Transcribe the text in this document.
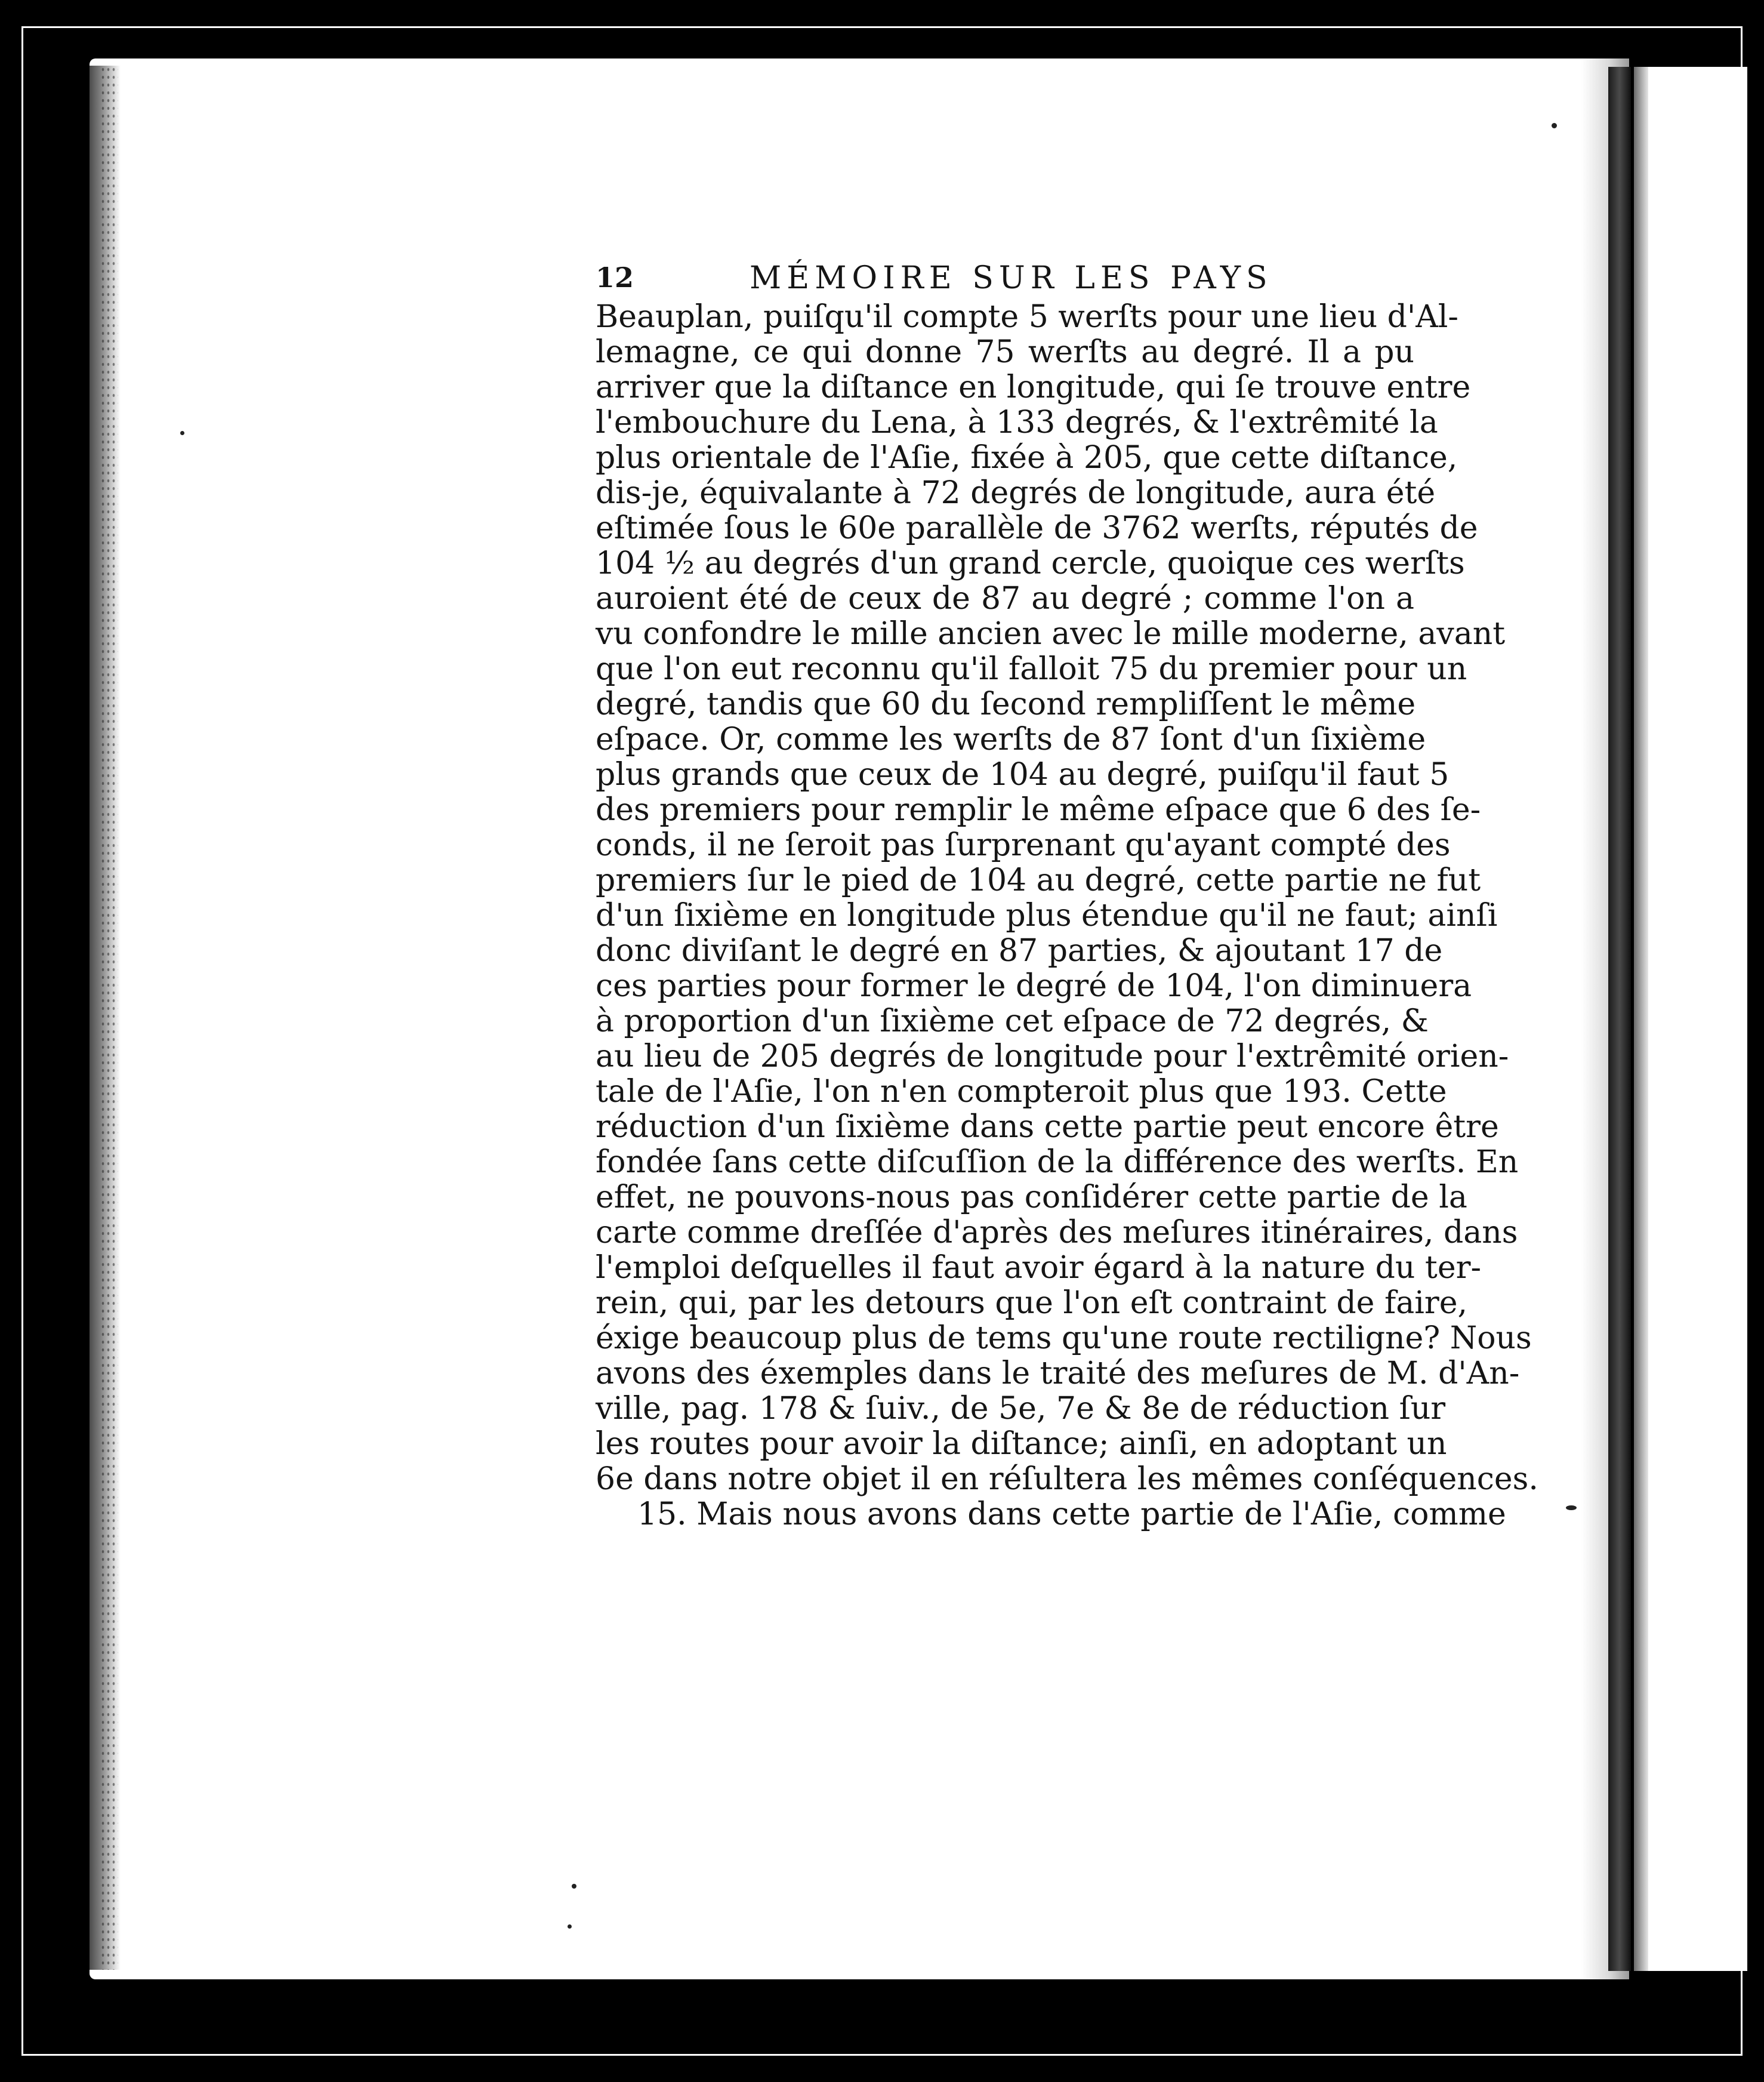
12	MÉMOIRE SUR LES PAYS
Beauplan, puiſqu'il compte 5 werſts pour une lieu d'Al-
lemagne, ce qui donne 75 werſts au degré. Il a pu
arriver que la diſtance en longitude, qui ſe trouve entre
l'embouchure du Lena, à 133 degrés, & l'extrêmité la
plus orientale de l'Aſie, fixée à 205, que cette diſtance,
dis-je, équivalante à 72 degrés de longitude, aura été
eſtimée ſous le 60e parallèle de 3762 werſts, réputés de
104 ½ au degrés d'un grand cercle, quoique ces werſts
auroient été de ceux de 87 au degré ; comme l'on a
vu confondre le mille ancien avec le mille moderne, avant
que l'on eut reconnu qu'il falloit 75 du premier pour un
degré, tandis que 60 du ſecond rempliſſent le même
eſpace. Or, comme les werſts de 87 ſont d'un ſixième
plus grands que ceux de 104 au degré, puiſqu'il faut 5
des premiers pour remplir le même eſpace que 6 des ſe-
conds, il ne ſeroit pas ſurprenant qu'ayant compté des
premiers ſur le pied de 104 au degré, cette partie ne fut
d'un ſixième en longitude plus étendue qu'il ne faut; ainſi
donc diviſant le degré en 87 parties, & ajoutant 17 de
ces parties pour former le degré de 104, l'on diminuera
à proportion d'un ſixième cet eſpace de 72 degrés, &
au lieu de 205 degrés de longitude pour l'extrêmité orien-
tale de l'Aſie, l'on n'en compteroit plus que 193. Cette
réduction d'un ſixième dans cette partie peut encore être
fondée ſans cette diſcuſſion de la différence des werſts. En
effet, ne pouvons-nous pas conſidérer cette partie de la
carte comme dreſſée d'après des meſures itinéraires, dans
l'emploi deſquelles il faut avoir égard à la nature du ter-
rein, qui, par les detours que l'on eſt contraint de faire,
éxige beaucoup plus de tems qu'une route rectiligne? Nous
avons des éxemples dans le traité des meſures de M. d'An-
ville, pag. 178 & ſuiv., de 5e, 7e & 8e de réduction ſur
les routes pour avoir la diſtance; ainſi, en adoptant un
6e dans notre objet il en réſultera les mêmes conſéquences.
15. Mais nous avons dans cette partie de l'Aſie, comme
